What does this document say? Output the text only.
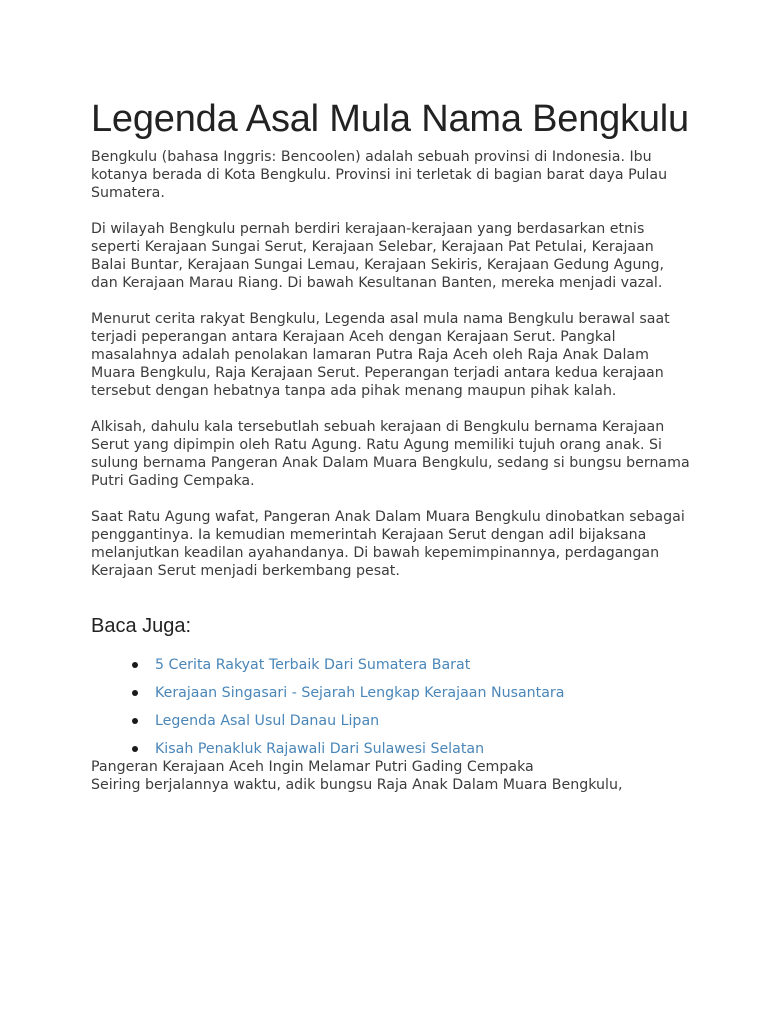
Legenda Asal Mula Nama Bengkulu

Bengkulu (bahasa Inggris: Bencoolen) adalah sebuah provinsi di Indonesia. Ibu kotanya berada di Kota Bengkulu. Provinsi ini terletak di bagian barat daya Pulau Sumatera.

Di wilayah Bengkulu pernah berdiri kerajaan-kerajaan yang berdasarkan etnis seperti Kerajaan Sungai Serut, Kerajaan Selebar, Kerajaan Pat Petulai, Kerajaan Balai Buntar, Kerajaan Sungai Lemau, Kerajaan Sekiris, Kerajaan Gedung Agung, dan Kerajaan Marau Riang. Di bawah Kesultanan Banten, mereka menjadi vazal.

Menurut cerita rakyat Bengkulu, Legenda asal mula nama Bengkulu berawal saat terjadi peperangan antara Kerajaan Aceh dengan Kerajaan Serut. Pangkal masalahnya adalah penolakan lamaran Putra Raja Aceh oleh Raja Anak Dalam Muara Bengkulu, Raja Kerajaan Serut. Peperangan terjadi antara kedua kerajaan tersebut dengan hebatnya tanpa ada pihak menang maupun pihak kalah.

Alkisah, dahulu kala tersebutlah sebuah kerajaan di Bengkulu bernama Kerajaan Serut yang dipimpin oleh Ratu Agung. Ratu Agung memiliki tujuh orang anak. Si sulung bernama Pangeran Anak Dalam Muara Bengkulu, sedang si bungsu bernama Putri Gading Cempaka.

Saat Ratu Agung wafat, Pangeran Anak Dalam Muara Bengkulu dinobatkan sebagai penggantinya. Ia kemudian memerintah Kerajaan Serut dengan adil bijaksana melanjutkan keadilan ayahandanya. Di bawah kepemimpinannya, perdagangan Kerajaan Serut menjadi berkembang pesat.

Baca Juga:
5 Cerita Rakyat Terbaik Dari Sumatera Barat
Kerajaan Singasari - Sejarah Lengkap Kerajaan Nusantara
Legenda Asal Usul Danau Lipan
Kisah Penakluk Rajawali Dari Sulawesi Selatan

Pangeran Kerajaan Aceh Ingin Melamar Putri Gading Cempaka

Seiring berjalannya waktu, adik bungsu Raja Anak Dalam Muara Bengkulu,
